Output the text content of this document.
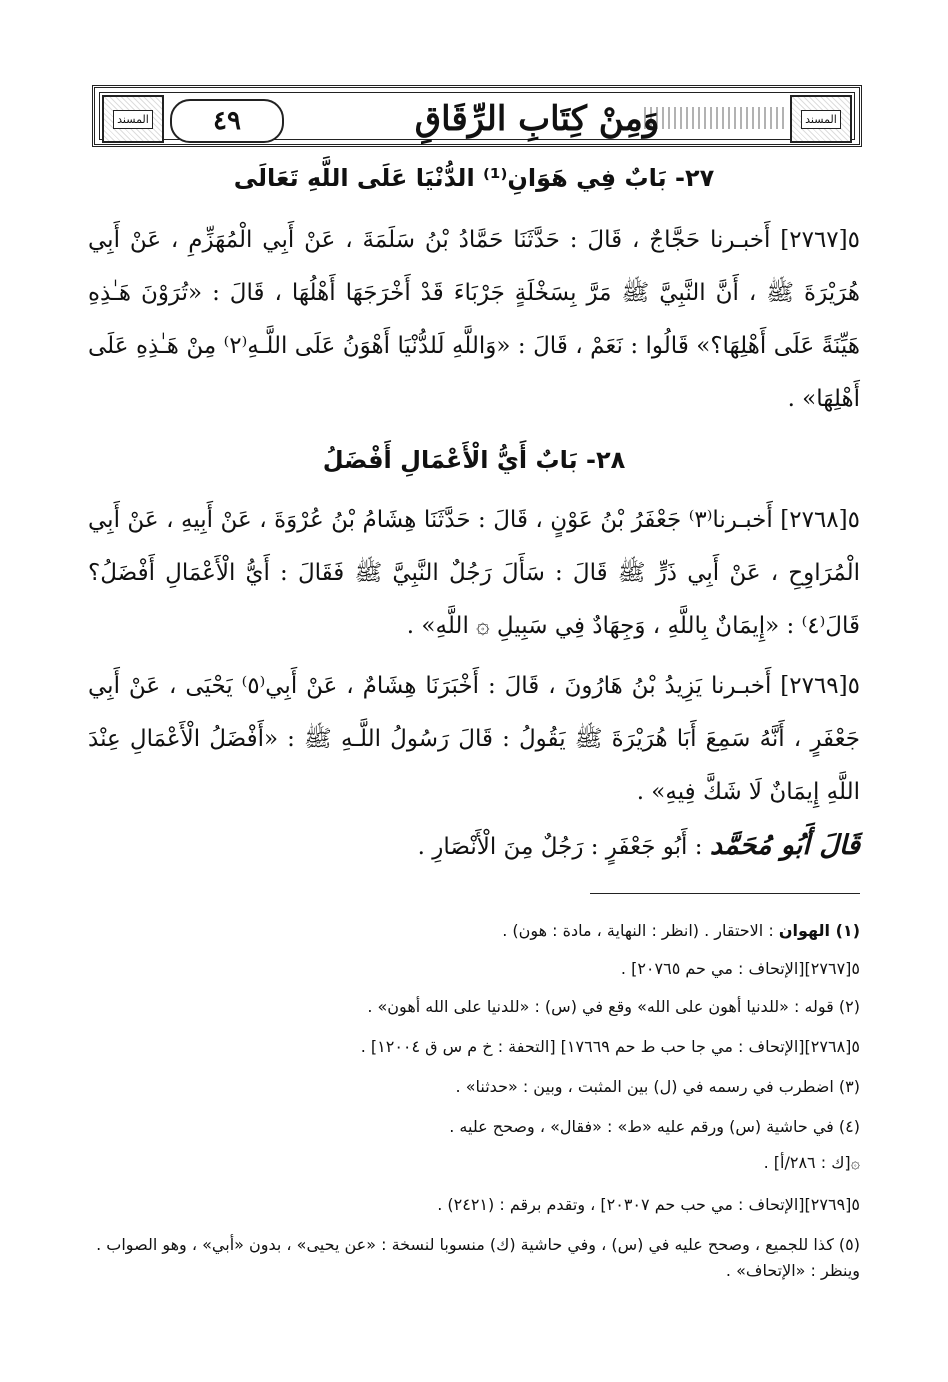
المسند
وَمِنْ كِتَابِ الرِّقَاقِ
٤٩
المسند
٢٧- بَابٌ فِي هَوَانِ⁽¹⁾ الدُّنْيَا عَلَى اللَّهِ تَعَالَى
٥[٢٧٦٧] أَخبـرنا حَجَّاجٌ ، قَالَ : حَدَّثَنَا حَمَّادُ بْنُ سَلَمَةَ ، عَنْ أَبِي الْمُهَزِّمِ ، عَنْ أَبِي هُرَيْرَةَ ﷺ ، أَنَّ النَّبِيَّ ﷺ مَرَّ بِسَخْلَةٍ جَرْبَاءَ قَدْ أَخْرَجَهَا أَهْلُهَا ، قَالَ : «تُرَوْنَ هَـٰذِهِ هَيِّنَةً عَلَى أَهْلِهَا؟» قَالُوا : نَعَمْ ، قَالَ : «وَاللَّهِ لَلدُّنْيَا أَهْوَنُ عَلَى اللَّـهِ⁽٢⁾ مِنْ هَـٰذِهِ عَلَى أَهْلِهَا» .
٢٨- بَابٌ أَيُّ الْأَعْمَالِ أَفْضَلُ
٥[٢٧٦٨] أَخبـرنا⁽٣⁾ جَعْفَرُ بْنُ عَوْنٍ ، قَالَ : حَدَّثَنَا هِشَامُ بْنُ عُرْوَةَ ، عَنْ أَبِيهِ ، عَنْ أَبِي الْمُرَاوِحِ ، عَنْ أَبِي ذَرٍّ ﷺ قَالَ : سَأَلَ رَجُلٌ النَّبِيَّ ﷺ فَقَالَ : أَيُّ الْأَعْمَالِ أَفْضَلُ؟ قَالَ⁽٤⁾ : «إِيمَانٌ بِاللَّهِ ، وَجِهَادٌ فِي سَبِيلِ ۞ اللَّهِ» .
٥[٢٧٦٩] أَخبـرنا يَزِيدُ بْنُ هَارُونَ ، قَالَ : أَخْبَرَنَا هِشَامٌ ، عَنْ أَبِي⁽٥⁾ يَحْيَى ، عَنْ أَبِي جَعْفَرٍ ، أَنَّهُ سَمِعَ أَبَا هُرَيْرَةَ ﷺ يَقُولُ : قَالَ رَسُولُ اللَّـهِ ﷺ : «أَفْضَلُ الْأَعْمَالِ عِنْدَ اللَّهِ إِيمَانٌ لَا شَكَّ فِيهِ» .
قَالَ أَبُو مُحَمَّد : أَبُو جَعْفَرٍ : رَجُلٌ مِنَ الْأَنْصَارِ .
(١) الهوان : الاحتقار . (انظر : النهاية ، مادة : هون) .
٥[٢٧٦٧][الإتحاف : مي حم ٢٠٧٦٥] .
(٢) قوله : «للدنيا أهون على الله» وقع في (س) : «للدنيا على الله أهون» .
٥[٢٧٦٨][الإتحاف : مي جا حب ط حم ١٧٦٦٩] [التحفة : خ م س ق ١٢٠٠٤] .
(٣) اضطرب في رسمه في (ل) بين المثبت ، وبين : «حدثنا» .
(٤) في حاشية (س) ورقم عليه «ط» : «فقال» ، وصحح عليه .
۞[ك : ٢٨٦/أ] .
٥[٢٧٦٩][الإتحاف : مي حب حم ٢٠٣٠٧] ، وتقدم برقم : (٢٤٢١) .
(٥) كذا للجميع ، وصحح عليه في (س) ، وفي حاشية (ك) منسوبا لنسخة : «عن يحيى» ، بدون «أبي» ، وهو الصواب . وينظر : «الإتحاف» .
